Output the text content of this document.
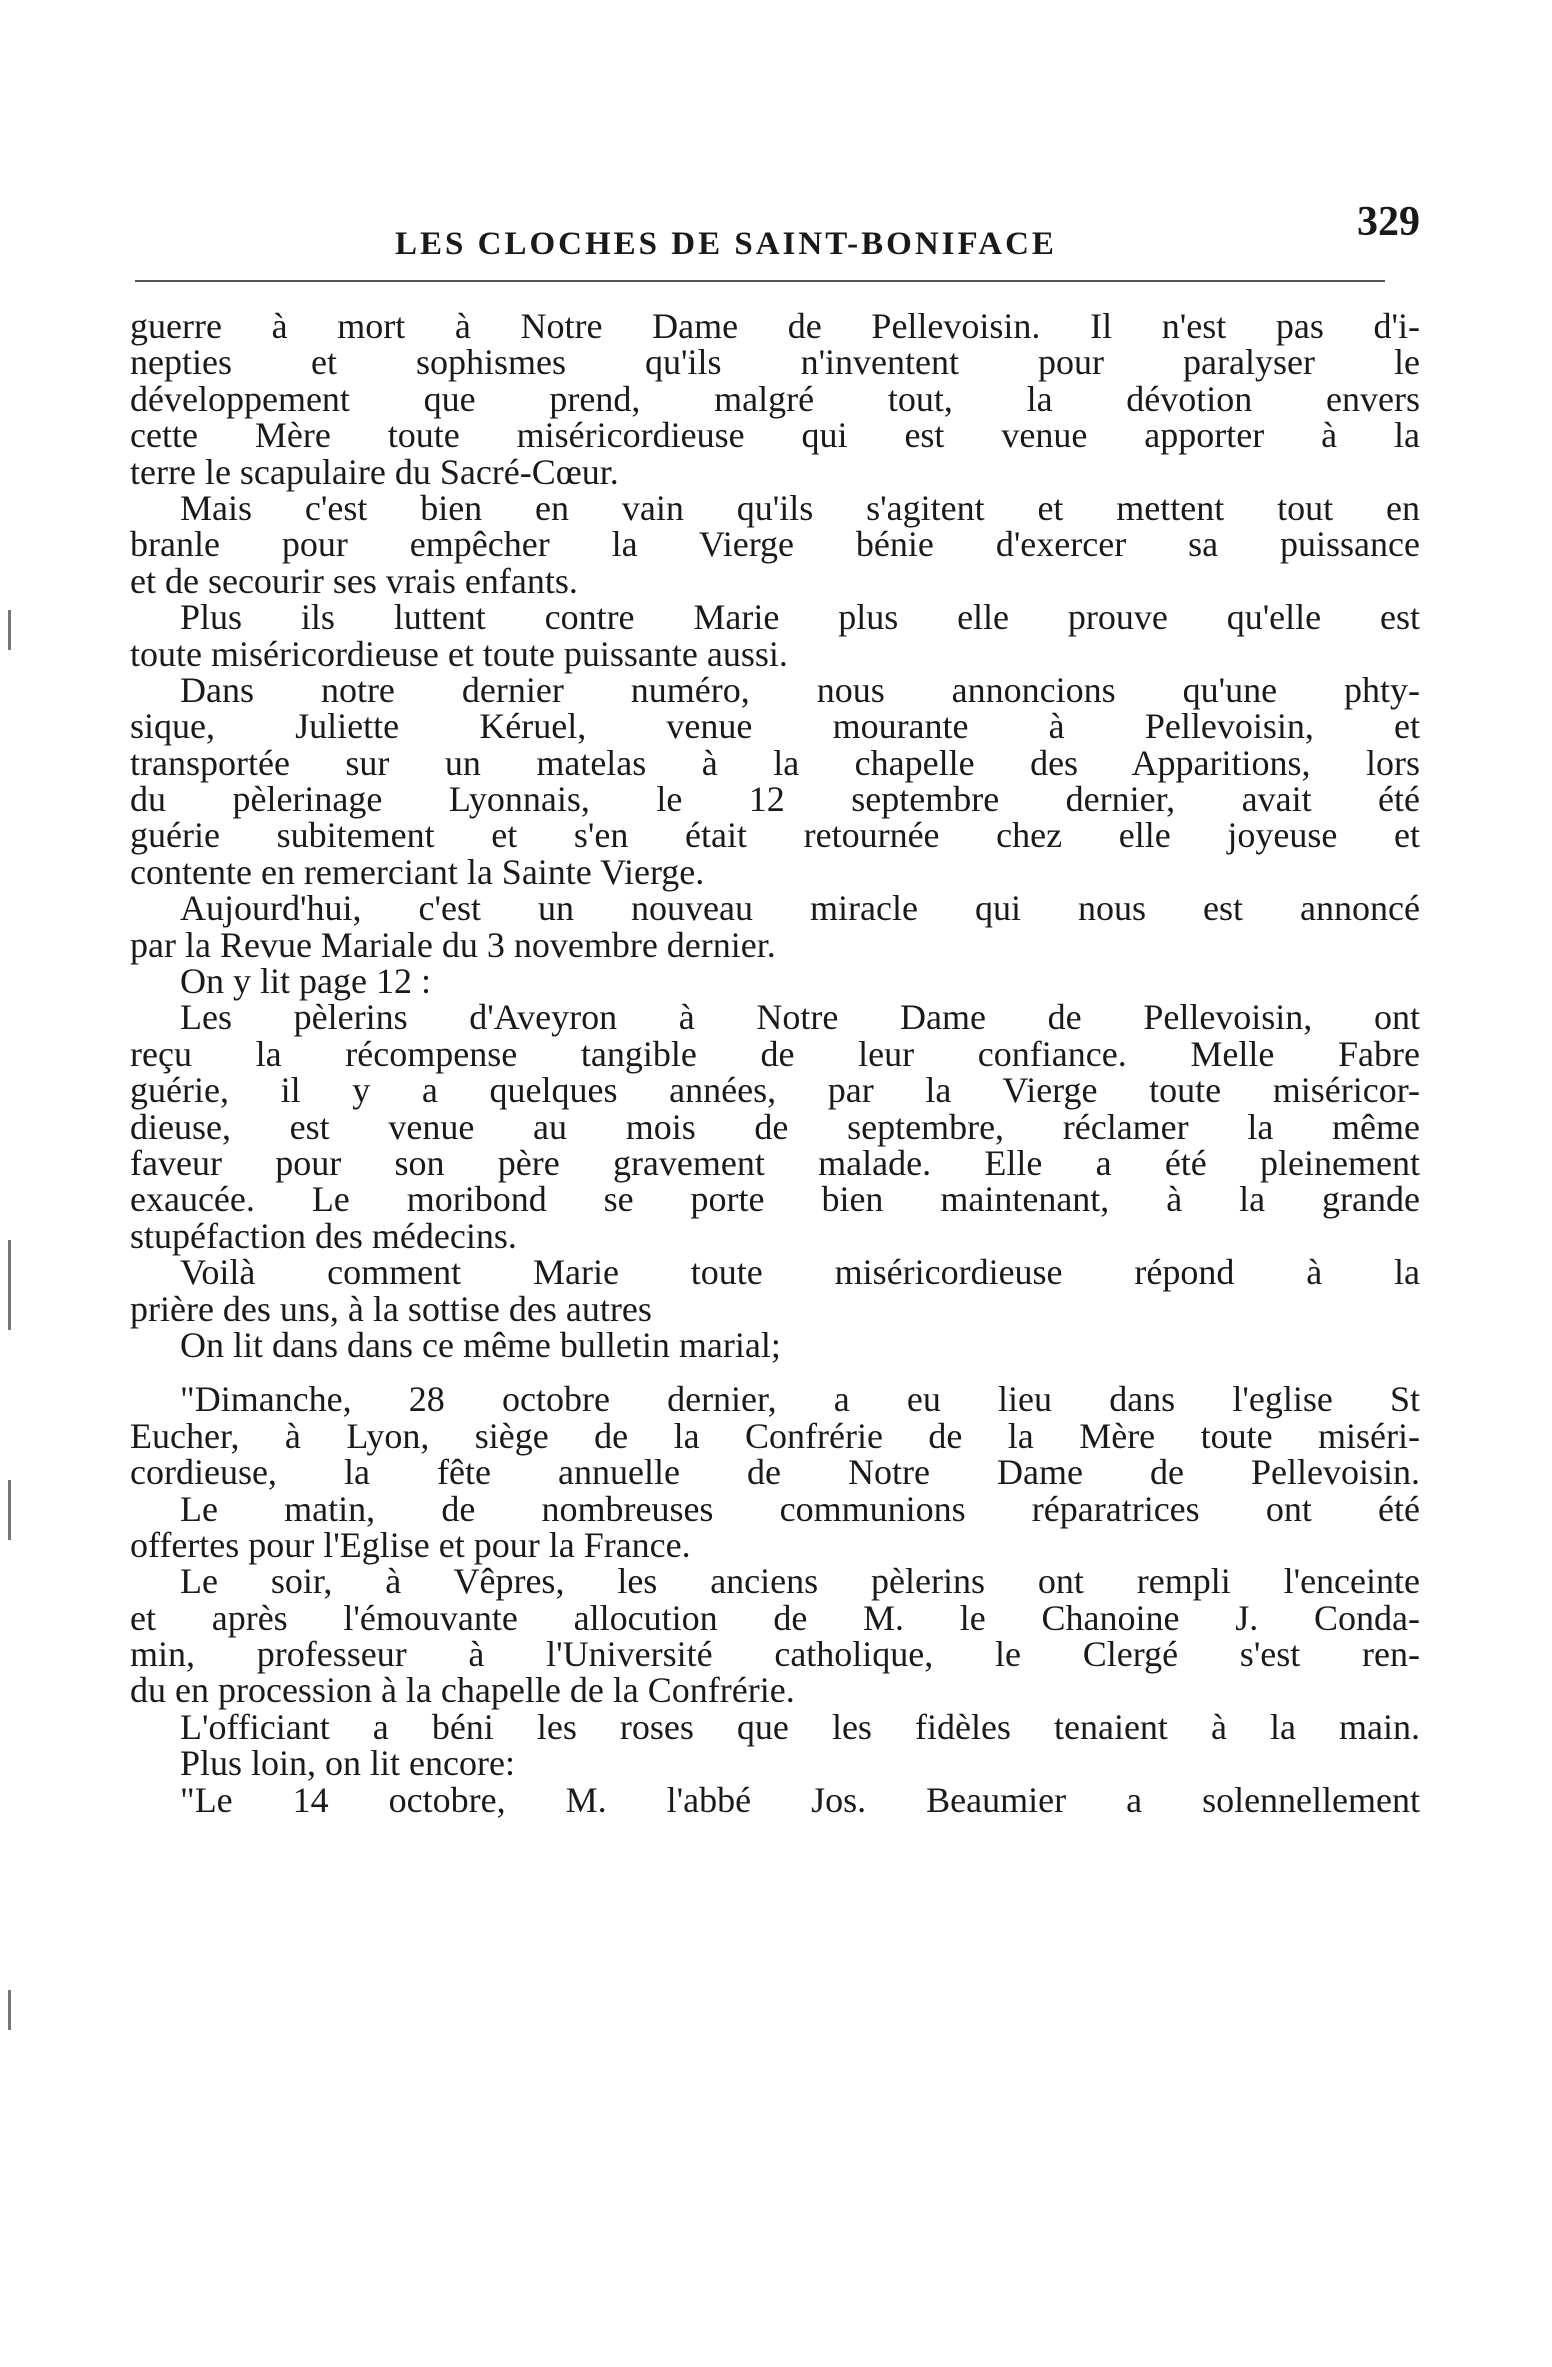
LES CLOCHES DE SAINT-BONIFACE	329
guerre à mort à Notre Dame de Pellevoisin. Il n'est pas d'i-
nepties et sophismes qu'ils n'inventent pour paralyser le
développement que prend, malgré tout, la dévotion envers
cette Mère toute miséricordieuse qui est venue apporter à la
terre le scapulaire du Sacré-Cœur.
Mais c'est bien en vain qu'ils s'agitent et mettent tout en
branle pour empêcher la Vierge bénie d'exercer sa puissance
et de secourir ses vrais enfants.
Plus ils luttent contre Marie plus elle prouve qu'elle est
toute miséricordieuse et toute puissante aussi.
Dans notre dernier numéro, nous annoncions qu'une phty-
sique, Juliette Kéruel, venue mourante à Pellevoisin, et
transportée sur un matelas à la chapelle des Apparitions, lors
du pèlerinage Lyonnais, le 12 septembre dernier, avait été
guérie subitement et s'en était retournée chez elle joyeuse et
contente en remerciant la Sainte Vierge.
Aujourd'hui, c'est un nouveau miracle qui nous est annoncé
par la Revue Mariale du 3 novembre dernier.
On y lit page 12 :
Les pèlerins d'Aveyron à Notre Dame de Pellevoisin, ont
reçu la récompense tangible de leur confiance. Melle Fabre
guérie, il y a quelques années, par la Vierge toute miséricor-
dieuse, est venue au mois de septembre, réclamer la même
faveur pour son père gravement malade. Elle a été pleinement
exaucée. Le moribond se porte bien maintenant, à la grande
stupéfaction des médecins.
Voilà comment Marie toute miséricordieuse répond à la
prière des uns, à la sottise des autres
On lit dans dans ce même bulletin marial;
"Dimanche, 28 octobre dernier, a eu lieu dans l'eglise St
Eucher, à Lyon, siège de la Confrérie de la Mère toute miséri-
cordieuse, la fête annuelle de Notre Dame de Pellevoisin.
Le matin, de nombreuses communions réparatrices ont été
offertes pour l'Eglise et pour la France.
Le soir, à Vêpres, les anciens pèlerins ont rempli l'enceinte
et après l'émouvante allocution de M. le Chanoine J. Conda-
min, professeur à l'Université catholique, le Clergé s'est ren-
du en procession à la chapelle de la Confrérie.
L'officiant a béni les roses que les fidèles tenaient à la main.
Plus loin, on lit encore:
"Le 14 octobre, M. l'abbé Jos. Beaumier a solennellement
